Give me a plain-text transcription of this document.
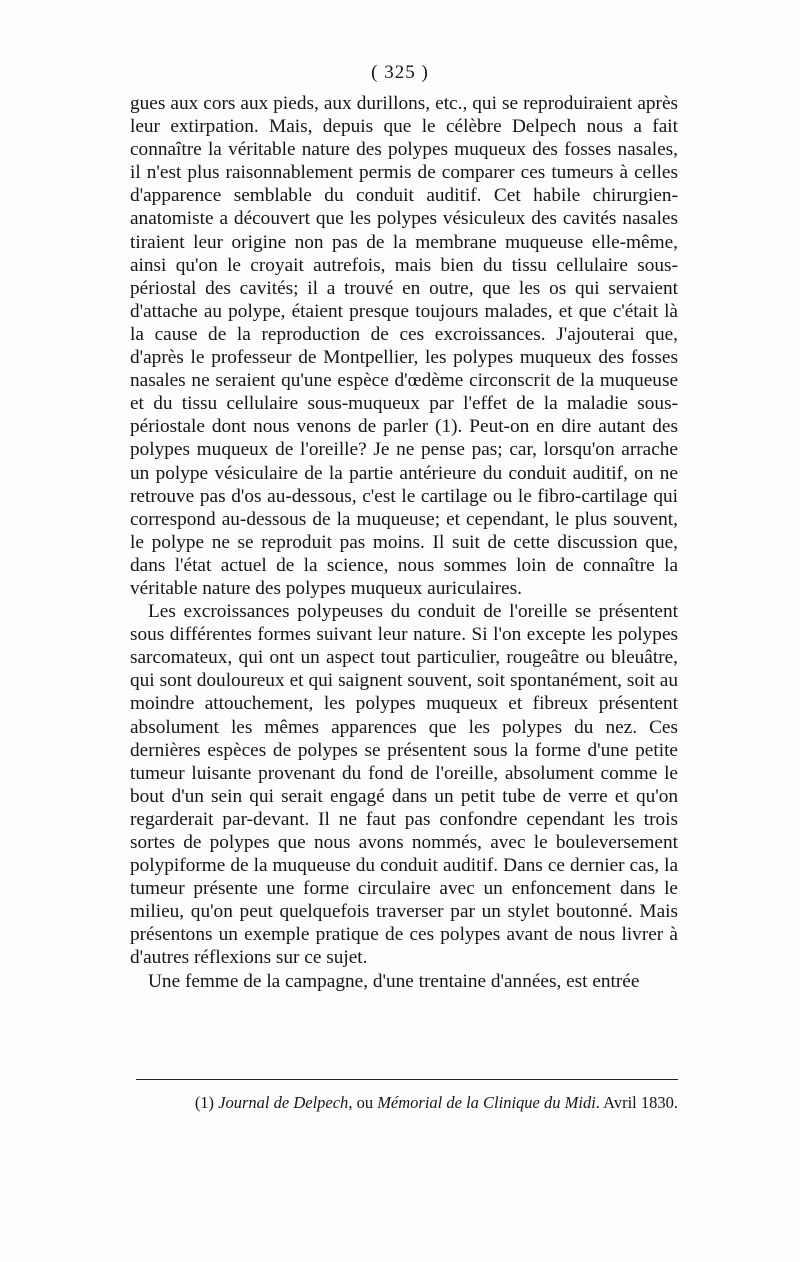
( 325 )

gues aux cors aux pieds, aux durillons, etc., qui se reproduiraient après leur extirpation. Mais, depuis que le célèbre Delpech nous a fait connaître la véritable nature des polypes muqueux des fosses nasales, il n'est plus raisonnablement permis de comparer ces tumeurs à celles d'apparence semblable du conduit auditif. Cet habile chirurgien-anatomiste a découvert que les polypes vésiculeux des cavités nasales tiraient leur origine non pas de la membrane muqueuse elle-même, ainsi qu'on le croyait autrefois, mais bien du tissu cellulaire sous-périostal des cavités; il a trouvé en outre, que les os qui servaient d'attache au polype, étaient presque toujours malades, et que c'était là la cause de la reproduction de ces excroissances. J'ajouterai que, d'après le professeur de Montpellier, les polypes muqueux des fosses nasales ne seraient qu'une espèce d'œdème circonscrit de la muqueuse et du tissu cellulaire sous-muqueux par l'effet de la maladie sous-périostale dont nous venons de parler (1). Peut-on en dire autant des polypes muqueux de l'oreille? Je ne pense pas; car, lorsqu'on arrache un polype vésiculaire de la partie antérieure du conduit auditif, on ne retrouve pas d'os au-dessous, c'est le cartilage ou le fibro-cartilage qui correspond au-dessous de la muqueuse; et cependant, le plus souvent, le polype ne se reproduit pas moins. Il suit de cette discussion que, dans l'état actuel de la science, nous sommes loin de connaître la véritable nature des polypes muqueux auriculaires.

Les excroissances polypeuses du conduit de l'oreille se présentent sous différentes formes suivant leur nature. Si l'on excepte les polypes sarcomateux, qui ont un aspect tout particulier, rougeâtre ou bleuâtre, qui sont douloureux et qui saignent souvent, soit spontanément, soit au moindre attouchement, les polypes muqueux et fibreux présentent absolument les mêmes apparences que les polypes du nez. Ces dernières espèces de polypes se présentent sous la forme d'une petite tumeur luisante provenant du fond de l'oreille, absolument comme le bout d'un sein qui serait engagé dans un petit tube de verre et qu'on regarderait par-devant. Il ne faut pas confondre cependant les trois sortes de polypes que nous avons nommés, avec le bouleversement polypiforme de la muqueuse du conduit auditif. Dans ce dernier cas, la tumeur présente une forme circulaire avec un enfoncement dans le milieu, qu'on peut quelquefois traverser par un stylet boutonné. Mais présentons un exemple pratique de ces polypes avant de nous livrer à d'autres réflexions sur ce sujet.

Une femme de la campagne, d'une trentaine d'années, est entrée

(1) Journal de Delpech, ou Mémorial de la Clinique du Midi. Avril 1830.
